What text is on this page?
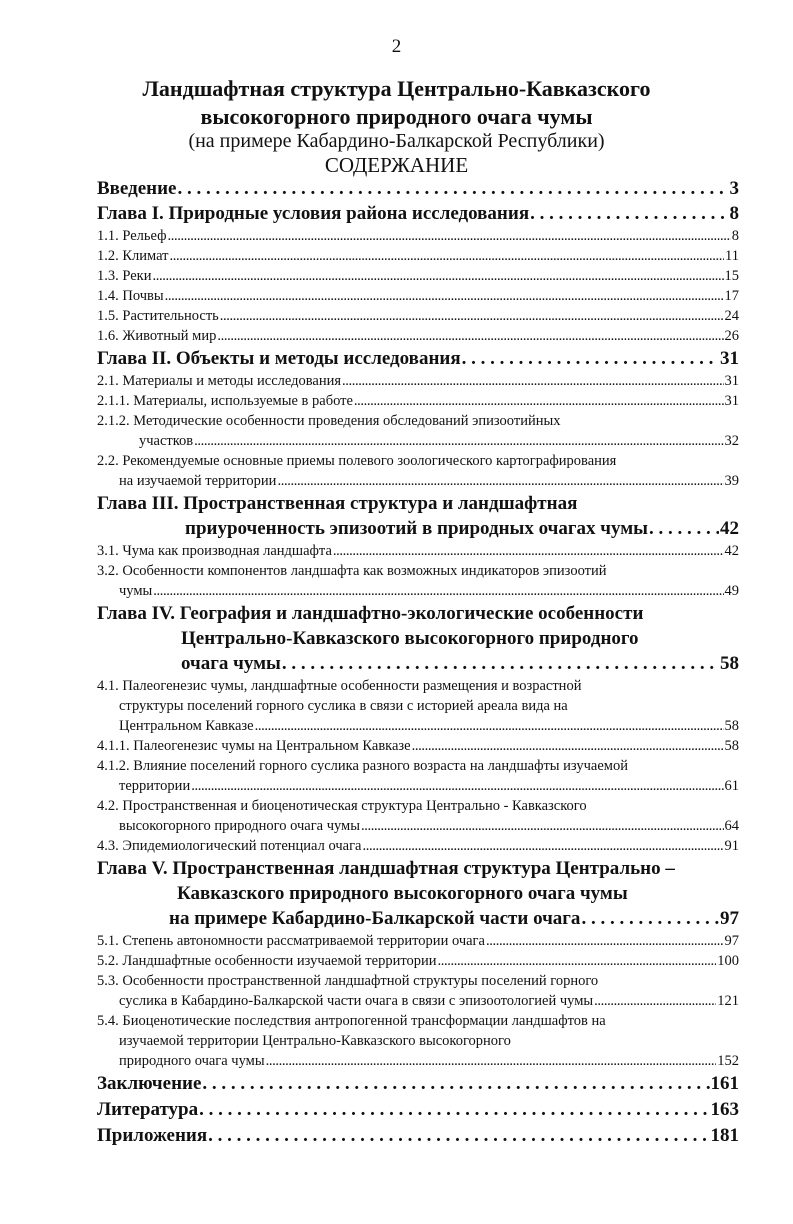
2
Ландшафтная структура Центрально-Кавказского
высокогорного природного очага чумы
(на примере Кабардино-Балкарской Республики)
СОДЕРЖАНИЕ
Введение . . .	3
Глава I. Природные условия района исследования . . .	8
1.1. Рельеф . . .	8
1.2. Климат . . .	11
1.3. Реки . . .	15
1.4. Почвы . . .	17
1.5. Растительность . . .	24
1.6. Животный мир . . .	26
Глава II. Объекты и методы исследования . . .	31
2.1. Материалы и методы исследования . . .	31
2.1.1. Материалы, используемые в работе . . .	31
2.1.2. Методические особенности проведения обследований эпизоотийных
участков . . .	32
2.2. Рекомендуемые основные приемы полевого зоологического картографирования
на изучаемой территории . . .	39
Глава III. Пространственная структура и ландшафтная
приуроченность эпизоотий в природных очагах чумы . . .	42
3.1. Чума как производная ландшафта . . .	42
3.2. Особенности компонентов ландшафта как возможных индикаторов эпизоотий
чумы . . .	49
Глава IV. География и ландшафтно-экологические особенности
Центрально-Кавказского высокогорного природного
очага чумы . . .	58
4.1. Палеогенезис чумы, ландшафтные особенности размещения и возрастной
структуры поселений горного суслика в связи с историей ареала вида на
Центральном Кавказе . . .	58
4.1.1. Палеогенезис чумы на Центральном Кавказе . . .	58
4.1.2. Влияние поселений горного суслика разного возраста на ландшафты изучаемой
территории . . .	61
4.2. Пространственная и биоценотическая структура Центрально - Кавказского
высокогорного природного очага чумы . . .	64
4.3. Эпидемиологический потенциал очага . . .	91
Глава V. Пространственная ландшафтная структура Центрально –
Кавказского природного высокогорного очага чумы
на примере Кабардино-Балкарской части очага . . .	97
5.1. Степень автономности рассматриваемой территории очага . . .	97
5.2. Ландшафтные особенности изучаемой территории . . .	100
5.3. Особенности пространственной ландшафтной структуры поселений горного
суслика в Кабардино-Балкарской части очага в связи с эпизоотологией чумы . . .	121
5.4. Биоценотические последствия антропогенной трансформации ландшафтов на
изучаемой территории Центрально-Кавказского высокогорного
природного очага чумы . . .	152
Заключение . . .	161
Литература . . .	163
Приложения . . .	181
